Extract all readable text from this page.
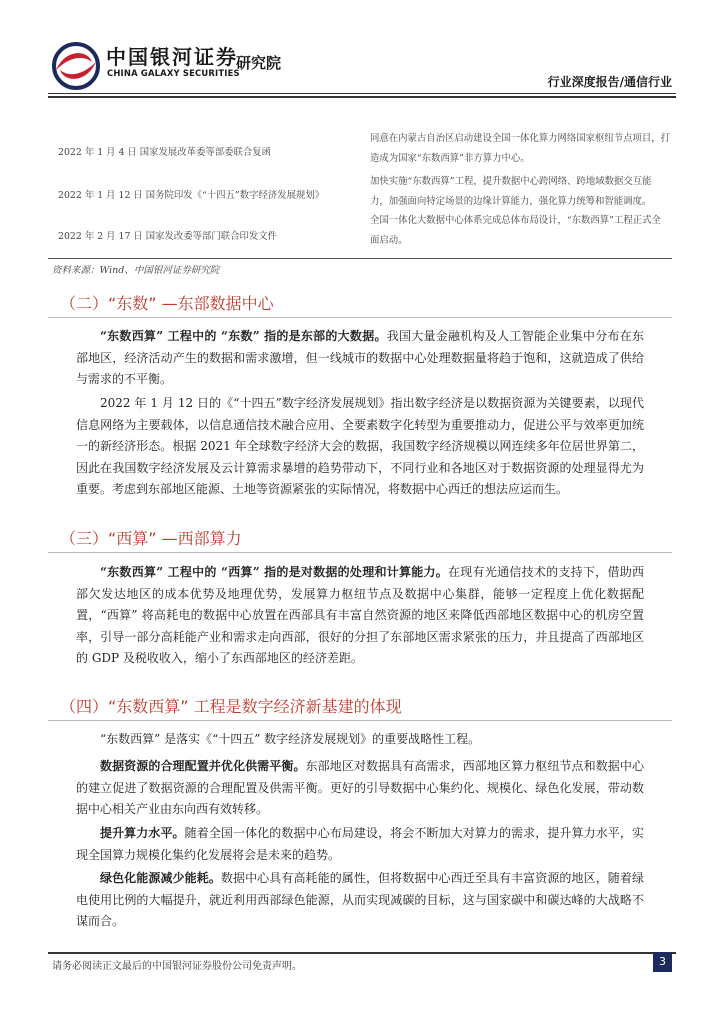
中国银河证券
CHINA GALAXY SECURITIES
研究院
行业深度报告/通信行业
2022 年 1 月 4 日 国家发展改革委等部委联合复函
同意在内蒙古自治区启动建设全国一体化算力网络国家枢纽节点项目，打造成为国家“东数西算”非方算力中心。
2022 年 1 月 12 日 国务院印发《“十四五”数字经济发展规划》
加快实施“东数西算”工程，提升数据中心跨网络、跨地域数据交互能力，加强面向特定场景的边缘计算能力，强化算力统筹和智能调度。
2022 年 2 月 17 日 国家发改委等部门联合印发文件
全国一体化大数据中心体系完成总体布局设计，“东数西算”工程正式全面启动。
资料来源：Wind、中国银河证券研究院
（二）“东数” —东部数据中心
“东数西算” 工程中的 “东数” 指的是东部的大数据。我国大量金融机构及人工智能企业集中分布在东部地区，经济活动产生的数据和需求激增，但一线城市的数据中心处理数据量将趋于饱和，这就造成了供给与需求的不平衡。
2022 年 1 月 12 日的《“十四五”数字经济发展规划》指出数字经济是以数据资源为关键要素，以现代信息网络为主要载体，以信息通信技术融合应用、全要素数字化转型为重要推动力，促进公平与效率更加统一的新经济形态。根据 2021 年全球数字经济大会的数据，我国数字经济规模以网连续多年位居世界第二，因此在我国数字经济发展及云计算需求暴增的趋势带动下，不同行业和各地区对于数据资源的处理显得尤为重要。考虑到东部地区能源、土地等资源紧张的实际情况，将数据中心西迁的想法应运而生。
（三）“西算” —西部算力
“东数西算” 工程中的 “西算” 指的是对数据的处理和计算能力。在现有光通信技术的支持下，借助西部欠发达地区的成本优势及地理优势，发展算力枢纽节点及数据中心集群，能够一定程度上优化数据配置，“西算” 将高耗电的数据中心放置在西部具有丰富自然资源的地区来降低西部地区数据中心的机房空置率，引导一部分高耗能产业和需求走向西部，很好的分担了东部地区需求紧张的压力，并且提高了西部地区的 GDP 及税收收入，缩小了东西部地区的经济差距。
（四）“东数西算” 工程是数字经济新基建的体现
“东数西算” 是落实《“十四五” 数字经济发展规划》的重要战略性工程。
数据资源的合理配置并优化供需平衡。东部地区对数据具有高需求，西部地区算力枢纽节点和数据中心的建立促进了数据资源的合理配置及供需平衡。更好的引导数据中心集约化、规模化、绿色化发展，带动数据中心相关产业由东向西有效转移。
提升算力水平。随着全国一体化的数据中心布局建设，将会不断加大对算力的需求，提升算力水平，实现全国算力规模化集约化发展将会是未来的趋势。
绿色化能源减少能耗。数据中心具有高耗能的属性，但将数据中心西迁至具有丰富资源的地区，随着绿电使用比例的大幅提升，就近利用西部绿色能源，从而实现减碳的目标，这与国家碳中和碳达峰的大战略不谋而合。
请务必阅读正文最后的中国银河证券股份公司免责声明。	3
